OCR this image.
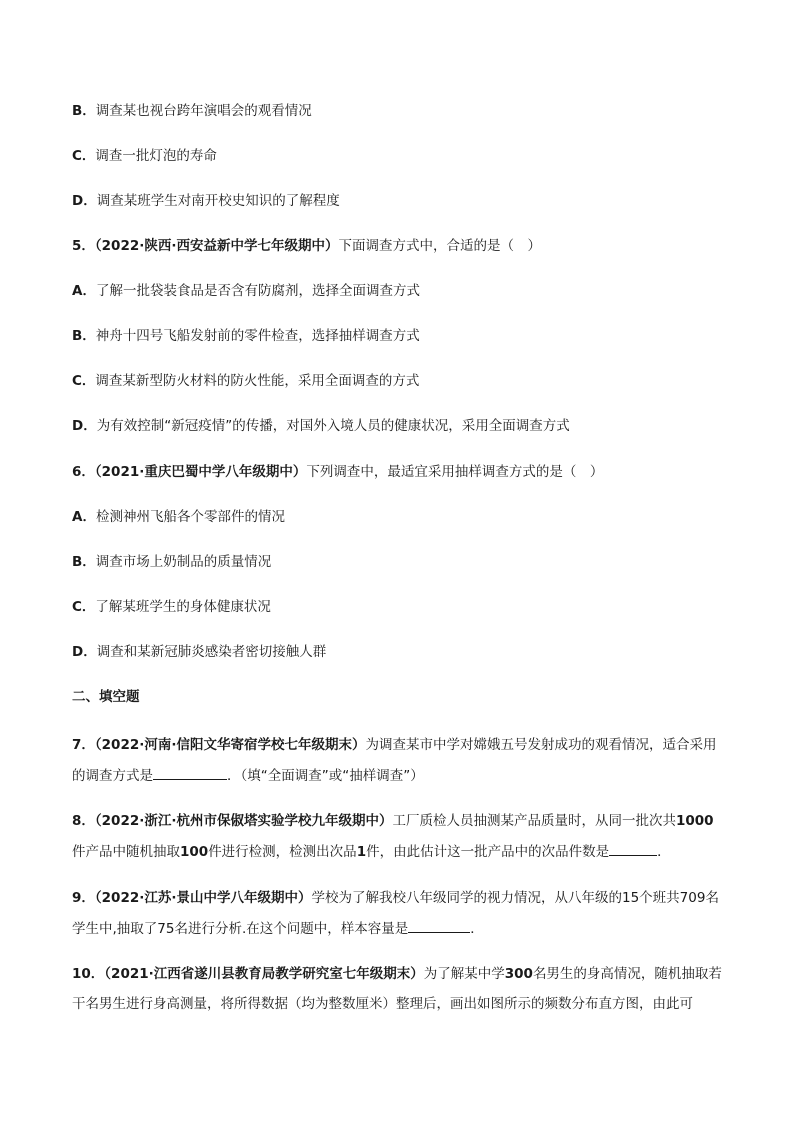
B．调查某也视台跨年演唱会的观看情况
C．调查一批灯泡的寿命
D．调查某班学生对南开校史知识的了解程度
5．（2022·陕西·西安益新中学七年级期中）下面调查方式中，合适的是（　）
A．了解一批袋装食品是否含有防腐剂，选择全面调查方式
B．神舟十四号飞船发射前的零件检查，选择抽样调查方式
C．调查某新型防火材料的防火性能，采用全面调查的方式
D．为有效控制“新冠疫情”的传播，对国外入境人员的健康状况，采用全面调查方式
6．（2021·重庆巴蜀中学八年级期中）下列调查中，最适宜采用抽样调查方式的是（　）
A．检测神州飞船各个零部件的情况
B．调查市场上奶制品的质量情况
C．了解某班学生的身体健康状况
D．调查和某新冠肺炎感染者密切接触人群
二、填空题
7．（2022·河南·信阳文华寄宿学校七年级期末）为调查某市中学对嫦娥五号发射成功的观看情况，适合采用
的调查方式是	．（填“全面调查”或“抽样调查”）
8．（2022·浙江·杭州市保俶塔实验学校九年级期中）工厂质检人员抽测某产品质量时，从同一批次共1000
件产品中随机抽取100件进行检测，检测出次品1件，由此估计这一批产品中的次品件数是	．
9．（2022·江苏·景山中学八年级期中）学校为了解我校八年级同学的视力情况，从八年级的15个班共709名
学生中,抽取了75名进行分析.在这个问题中，样本容量是	．
10．（2021·江西省遂川县教育局教学研究室七年级期末）为了解某中学300名男生的身高情况，随机抽取若
干名男生进行身高测量，将所得数据（均为整数厘米）整理后，画出如图所示的频数分布直方图，由此可
